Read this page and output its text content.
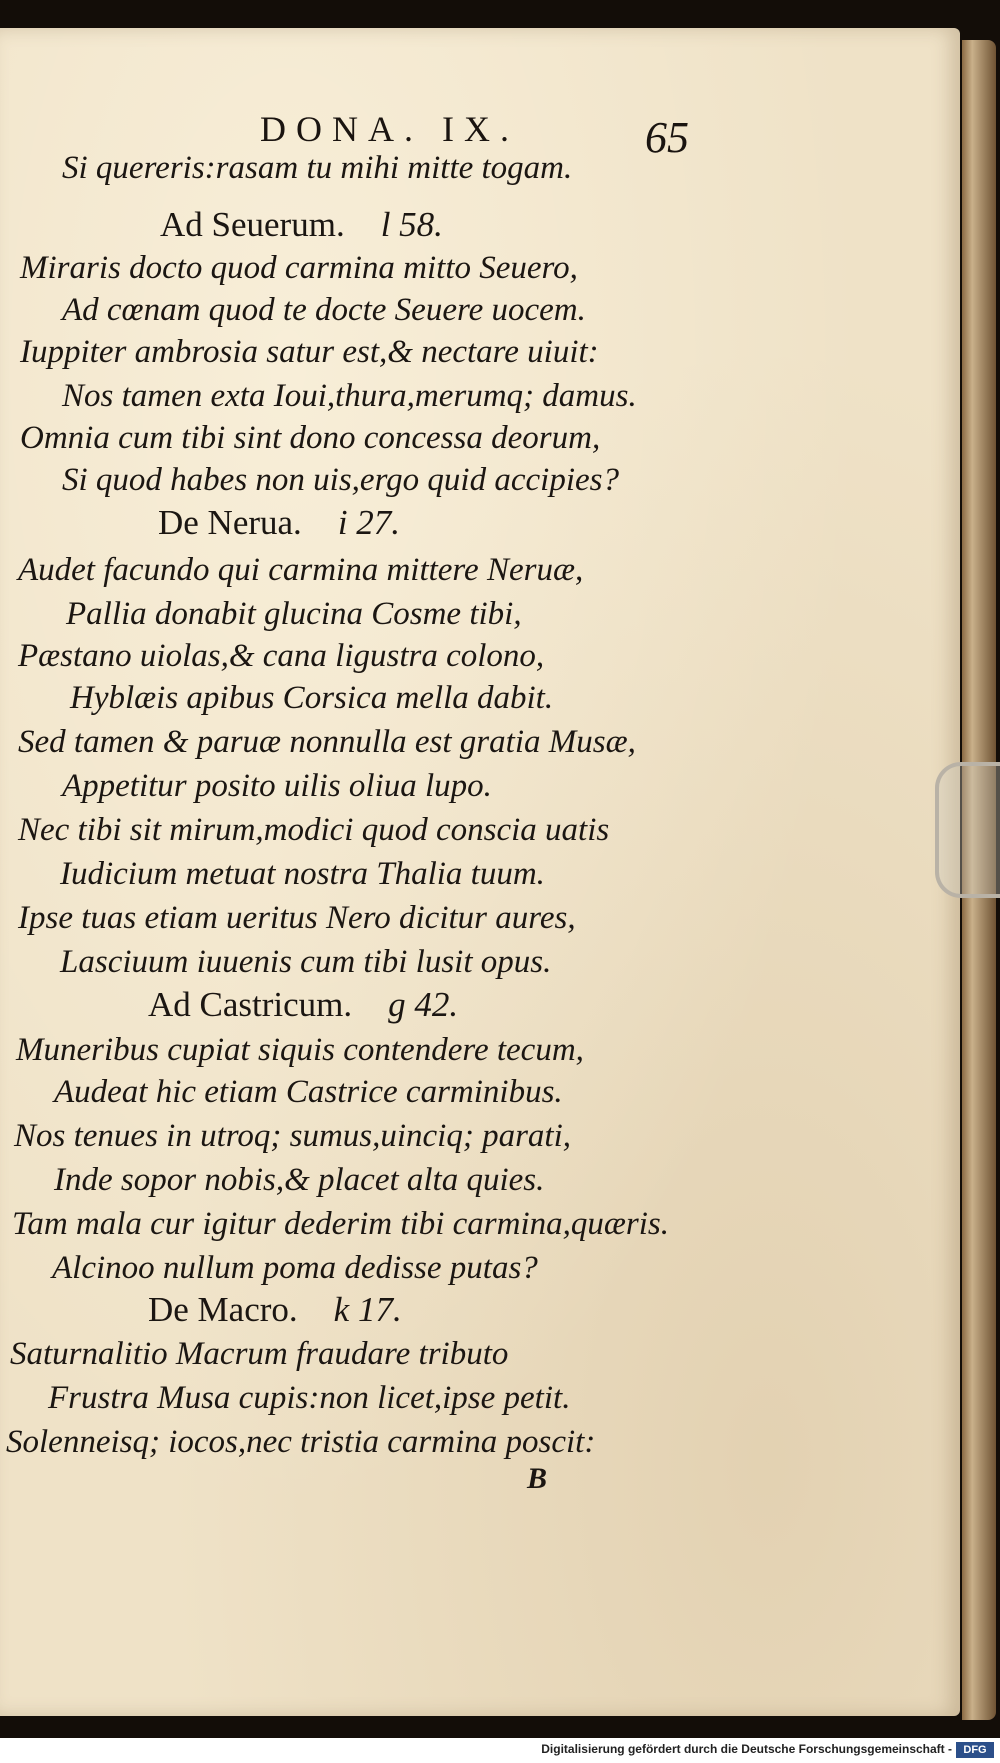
DONA. IX.	65
Si quereris:rasam tu mihi mitte togam.
Ad Seuerum. l 58.
Miraris docto quod carmina mitto Seuero,
Ad cœnam quod te docte Seuere uocem.
Iuppiter ambrosia satur est,& nectare uiuit:
Nos tamen exta Ioui,thura,merumq; damus.
Omnia cum tibi sint dono concessa deorum,
Si quod habes non uis,ergo quid accipies?
De Nerua. i 27.
Audet facundo qui carmina mittere Neruæ,
Pallia donabit glucina Cosme tibi,
Pæstano uiolas,& cana ligustra colono,
Hyblæis apibus Corsica mella dabit.
Sed tamen & paruæ nonnulla est gratia Musæ,
Appetitur posito uilis oliua lupo.
Nec tibi sit mirum,modici quod conscia uatis
Iudicium metuat nostra Thalia tuum.
Ipse tuas etiam ueritus Nero dicitur aures,
Lasciuum iuuenis cum tibi lusit opus.
Ad Castricum. g 42.
Muneribus cupiat siquis contendere tecum,
Audeat hic etiam Castrice carminibus.
Nos tenues in utroq; sumus,uinciq; parati,
Inde sopor nobis,& placet alta quies.
Tam mala cur igitur dederim tibi carmina,quæris.
Alcinoo nullum poma dedisse putas?
De Macro. k 17.
Saturnalitio Macrum fraudare tributo
Frustra Musa cupis:non licet,ipse petit.
Solenneisq; iocos,nec tristia carmina poscit:
B
Digitalisierung gefördert durch die Deutsche Forschungsgemeinschaft -	DFG
